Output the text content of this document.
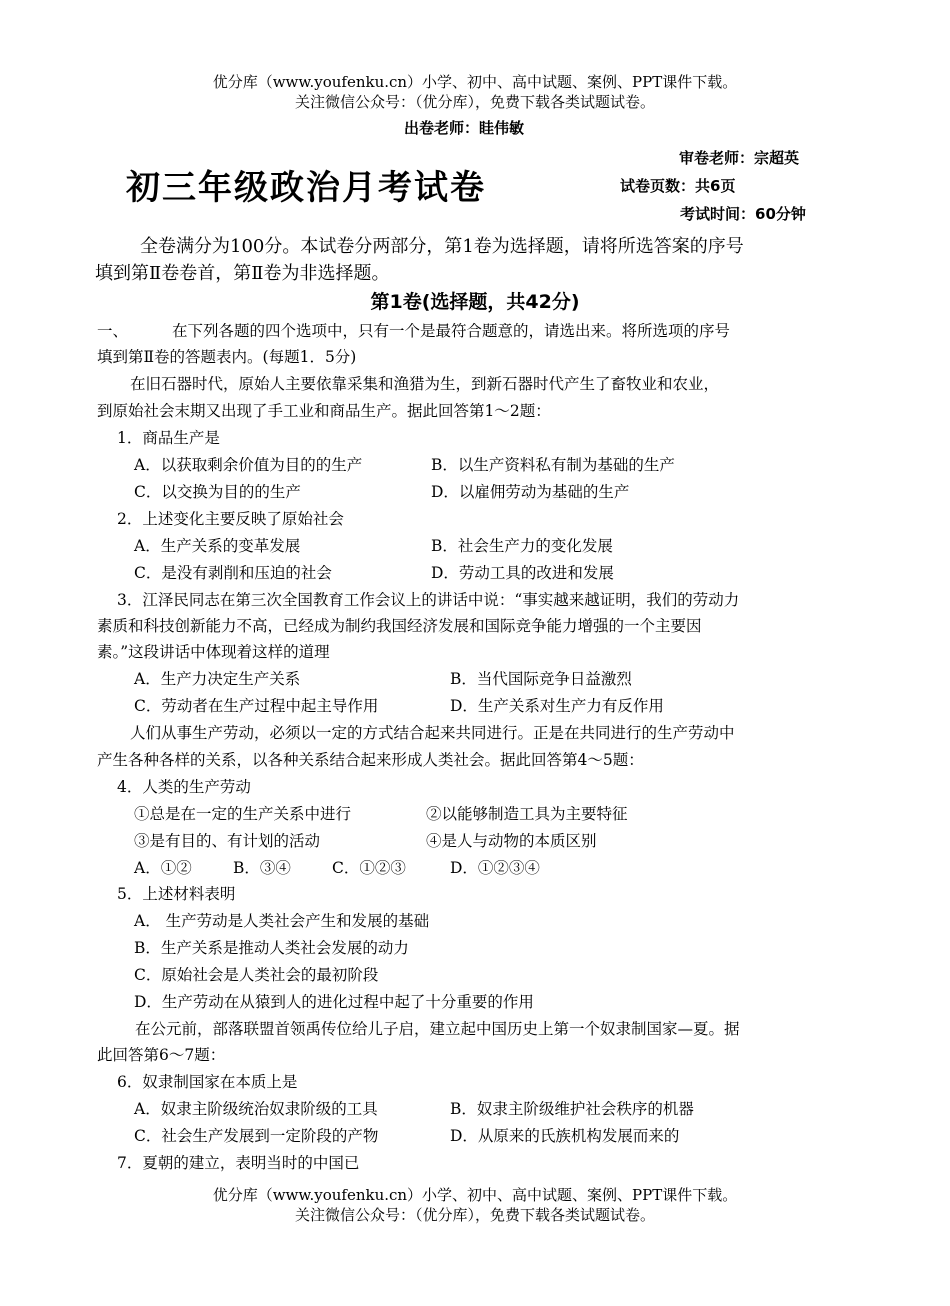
优分库（www.youfenku.cn）小学、初中、高中试题、案例、PPT课件下载。
关注微信公众号：（优分库），免费下载各类试题试卷。
出卷老师：眭伟敏
审卷老师：宗超英
试卷页数：共6页
考试时间：60分钟
初三年级政治月考试卷
全卷满分为100分。本试卷分两部分，第1卷为选择题，请将所选答案的序号
填到第Ⅱ卷卷首，第Ⅱ卷为非选择题。
第1卷(选择题，共42分)
一、	在下列各题的四个选项中，只有一个是最符合题意的，请选出来。将所选项的序号
填到第Ⅱ卷的答题表内。(每题1．5分)
在旧石器时代，原始人主要依靠采集和渔猎为生，到新石器时代产生了畜牧业和农业，
到原始社会末期又出现了手工业和商品生产。据此回答第1～2题：
1．商品生产是
A．以获取剩余价值为目的的生产	B．以生产资料私有制为基础的生产
C．以交换为目的的生产	D．以雇佣劳动为基础的生产
2．上述变化主要反映了原始社会
A．生产关系的变革发展	B．社会生产力的变化发展
C．是没有剥削和压迫的社会	D．劳动工具的改进和发展
3．江泽民同志在第三次全国教育工作会议上的讲话中说：“事实越来越证明，我们的劳动力
素质和科技创新能力不高，已经成为制约我国经济发展和国际竞争能力增强的一个主要因
素。”这段讲话中体现着这样的道理
A．生产力决定生产关系	B．当代国际竞争日益激烈
C．劳动者在生产过程中起主导作用	D．生产关系对生产力有反作用
人们从事生产劳动，必须以一定的方式结合起来共同进行。正是在共同进行的生产劳动中
产生各种各样的关系，以各种关系结合起来形成人类社会。据此回答第4～5题：
4．人类的生产劳动
①总是在一定的生产关系中进行	②以能够制造工具为主要特征
③是有目的、有计划的活动	④是人与动物的本质区别
A．①②	B．③④	C．①②③	D．①②③④
5．上述材料表明
A． 生产劳动是人类社会产生和发展的基础
B．生产关系是推动人类社会发展的动力
C．原始社会是人类社会的最初阶段
D．生产劳动在从猿到人的进化过程中起了十分重要的作用
在公元前，部落联盟首领禹传位给儿子启，建立起中国历史上第一个奴隶制国家—夏。据
此回答第6～7题：
6．奴隶制国家在本质上是
A．奴隶主阶级统治奴隶阶级的工具	B．奴隶主阶级维护社会秩序的机器
C．社会生产发展到一定阶段的产物	D．从原来的氏族机构发展而来的
7．夏朝的建立，表明当时的中国已
优分库（www.youfenku.cn）小学、初中、高中试题、案例、PPT课件下载。
关注微信公众号：（优分库），免费下载各类试题试卷。
